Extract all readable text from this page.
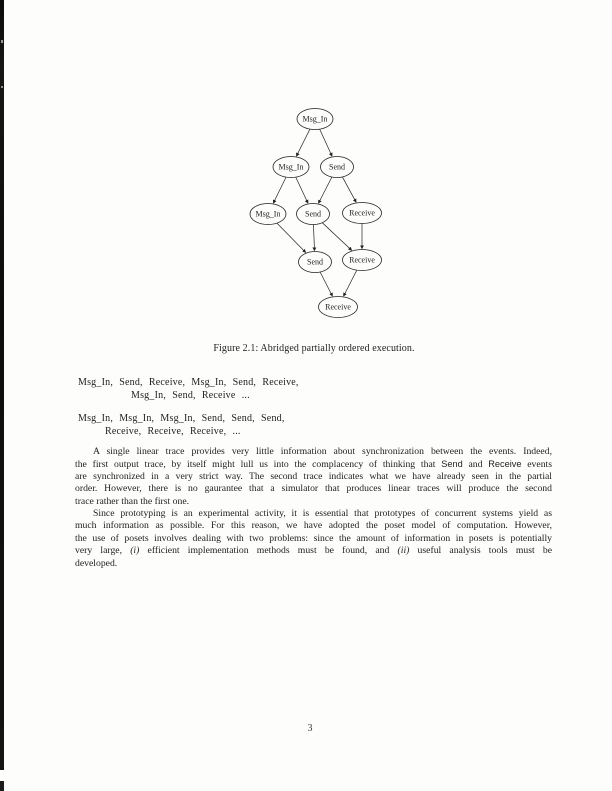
Msg_In
Msg_In	Send
Msg_In	Send	Receive
Send	Receive
Receive
Figure 2.1: Abridged partially ordered execution.
Msg_In, Send, Receive, Msg_In, Send, Receive,
Msg_In, Send, Receive ...
Msg_In, Msg_In, Msg_In, Send, Send, Send,
Receive, Receive, Receive, ...
A single linear trace provides very little information about synchronization between the events. Indeed,
the first output trace, by itself might lull us into the complacency of thinking that Send and Receive events
are synchronized in a very strict way. The second trace indicates what we have already seen in the partial
order. However, there is no gaurantee that a simulator that produces linear traces will produce the second
trace rather than the first one.
Since prototyping is an experimental activity, it is essential that prototypes of concurrent systems yield as
much information as possible. For this reason, we have adopted the poset model of computation. However,
the use of posets involves dealing with two problems: since the amount of information in posets is potentially
very large, (i) efficient implementation methods must be found, and (ii) useful analysis tools must be
developed.
3
